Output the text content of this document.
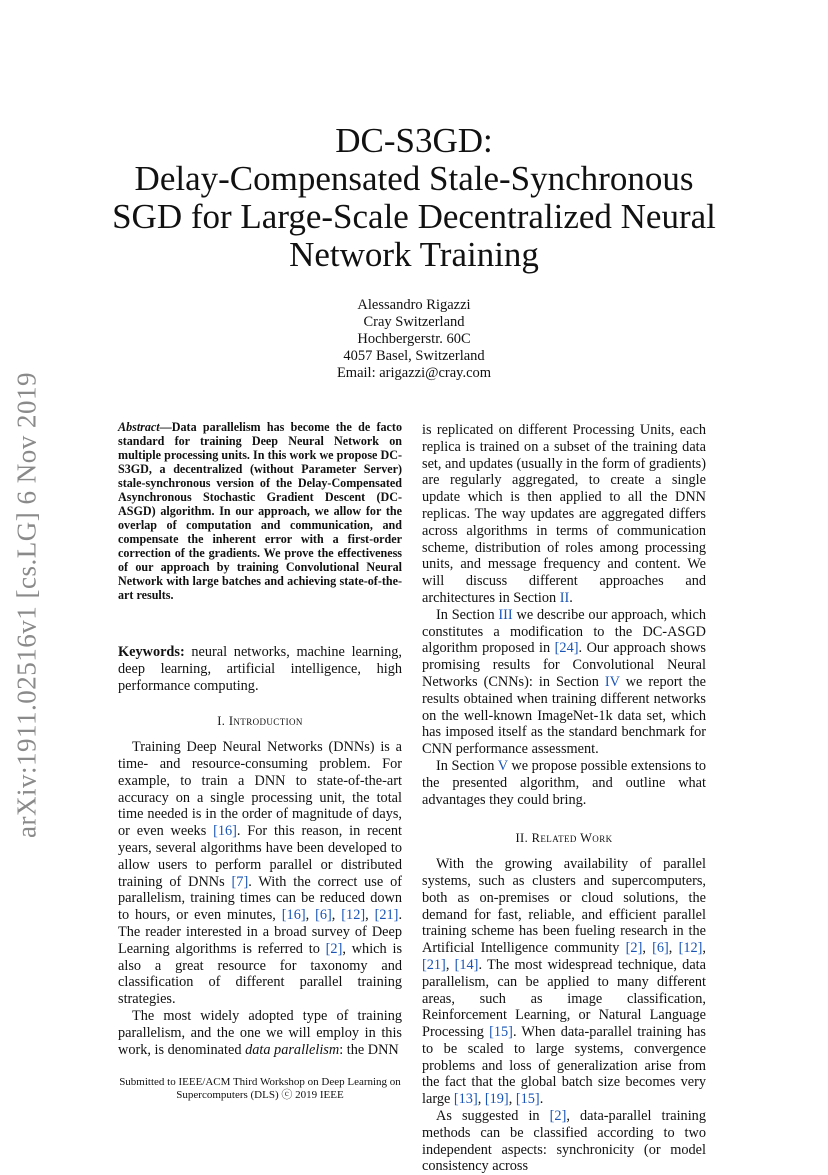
arXiv:1911.02516v1 [cs.LG] 6 Nov 2019
DC-S3GD:
Delay-Compensated Stale-Synchronous
SGD for Large-Scale Decentralized Neural
Network Training
Alessandro Rigazzi
Cray Switzerland
Hochbergerstr. 60C
4057 Basel, Switzerland
Email: arigazzi@cray.com

Abstract—Data parallelism has become the de facto standard for training Deep Neural Network on multiple processing units. In this work we propose DC-S3GD, a decentralized (without Parameter Server) stale-synchronous version of the Delay-Compensated Asynchronous Stochastic Gradient Descent (DC-ASGD) algorithm. In our approach, we allow for the overlap of computation and communication, and compensate the inherent error with a first-order correction of the gradients. We prove the effectiveness of our approach by training Convolutional Neural Network with large batches and achieving state-of-the-art results.

Keywords: neural networks, machine learning, deep learning, artificial intelligence, high performance computing.

I. Introduction

Training Deep Neural Networks (DNNs) is a time- and resource-consuming problem. For example, to train a DNN to state-of-the-art accuracy on a single processing unit, the total time needed is in the order of magnitude of days, or even weeks [16]. For this reason, in recent years, several algorithms have been developed to allow users to perform parallel or distributed training of DNNs [7]. With the correct use of parallelism, training times can be reduced down to hours, or even minutes, [16], [6], [12], [21]. The reader interested in a broad survey of Deep Learning algorithms is referred to [2], which is also a great resource for taxonomy and classification of different parallel training strategies.

The most widely adopted type of training parallelism, and the one we will employ in this work, is denominated data parallelism: the DNN

is replicated on different Processing Units, each replica is trained on a subset of the training data set, and updates (usually in the form of gradients) are regularly aggregated, to create a single update which is then applied to all the DNN replicas. The way updates are aggregated differs across algorithms in terms of communication scheme, distribution of roles among processing units, and message frequency and content. We will discuss different approaches and architectures in Section II.

In Section III we describe our approach, which constitutes a modification to the DC-ASGD algorithm proposed in [24]. Our approach shows promising results for Convolutional Neural Networks (CNNs): in Section IV we report the results obtained when training different networks on the well-known ImageNet-1k data set, which has imposed itself as the standard benchmark for CNN performance assessment.

In Section V we propose possible extensions to the presented algorithm, and outline what advantages they could bring.

II. Related Work

With the growing availability of parallel systems, such as clusters and supercomputers, both as on-premises or cloud solutions, the demand for fast, reliable, and efficient parallel training scheme has been fueling research in the Artificial Intelligence community [2], [6], [12], [21], [14]. The most widespread technique, data parallelism, can be applied to many different areas, such as image classification, Reinforcement Learning, or Natural Language Processing [15]. When data-parallel training has to be scaled to large systems, convergence problems and loss of generalization arise from the fact that the global batch size becomes very large [13], [19], [15].

As suggested in [2], data-parallel training methods can be classified according to two independent aspects: synchronicity (or model consistency across

Submitted to IEEE/ACM Third Workshop on Deep Learning on Supercomputers (DLS) ⓒ 2019 IEEE
